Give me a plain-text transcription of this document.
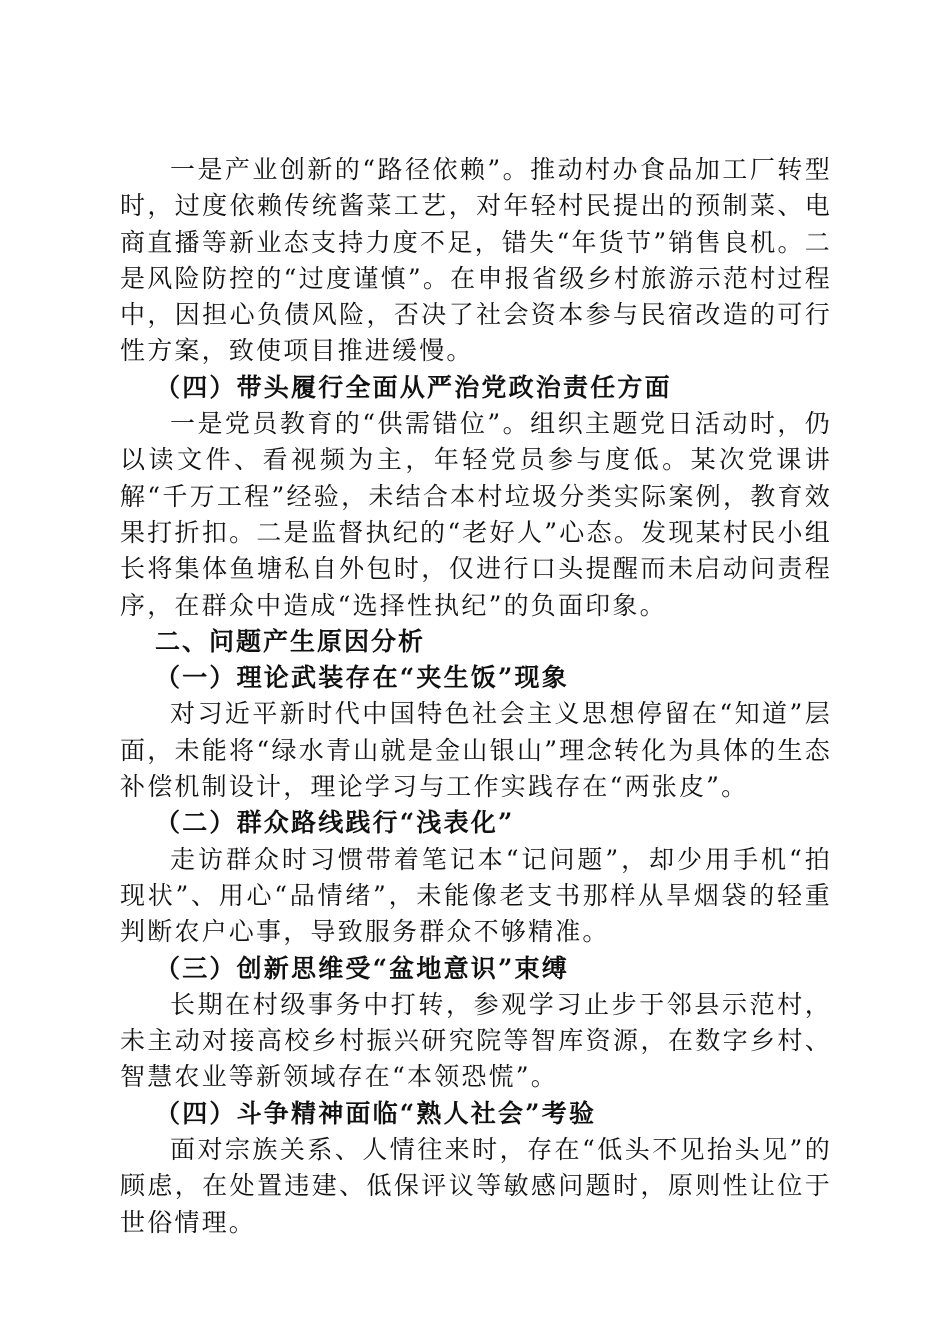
一是产业创新的“路径依赖”。推动村办食品加工厂转型时，过度依赖传统酱菜工艺，对年轻村民提出的预制菜、电商直播等新业态支持力度不足，错失“年货节”销售良机。二是风险防控的“过度谨慎”。在申报省级乡村旅游示范村过程中，因担心负债风险，否决了社会资本参与民宿改造的可行性方案，致使项目推进缓慢。

（四）带头履行全面从严治党政治责任方面

一是党员教育的“供需错位”。组织主题党日活动时，仍以读文件、看视频为主，年轻党员参与度低。某次党课讲解“千万工程”经验，未结合本村垃圾分类实际案例，教育效果打折扣。二是监督执纪的“老好人”心态。发现某村民小组长将集体鱼塘私自外包时，仅进行口头提醒而未启动问责程序，在群众中造成“选择性执纪”的负面印象。

二、问题产生原因分析

（一）理论武装存在“夹生饭”现象

对习近平新时代中国特色社会主义思想停留在“知道”层面，未能将“绿水青山就是金山银山”理念转化为具体的生态补偿机制设计，理论学习与工作实践存在“两张皮”。

（二）群众路线践行“浅表化”

走访群众时习惯带着笔记本“记问题”，却少用手机“拍现状”、用心“品情绪”，未能像老支书那样从旱烟袋的轻重判断农户心事，导致服务群众不够精准。

（三）创新思维受“盆地意识”束缚

长期在村级事务中打转，参观学习止步于邻县示范村，未主动对接高校乡村振兴研究院等智库资源，在数字乡村、智慧农业等新领域存在“本领恐慌”。

（四）斗争精神面临“熟人社会”考验

面对宗族关系、人情往来时，存在“低头不见抬头见”的顾虑，在处置违建、低保评议等敏感问题时，原则性让位于世俗情理。
